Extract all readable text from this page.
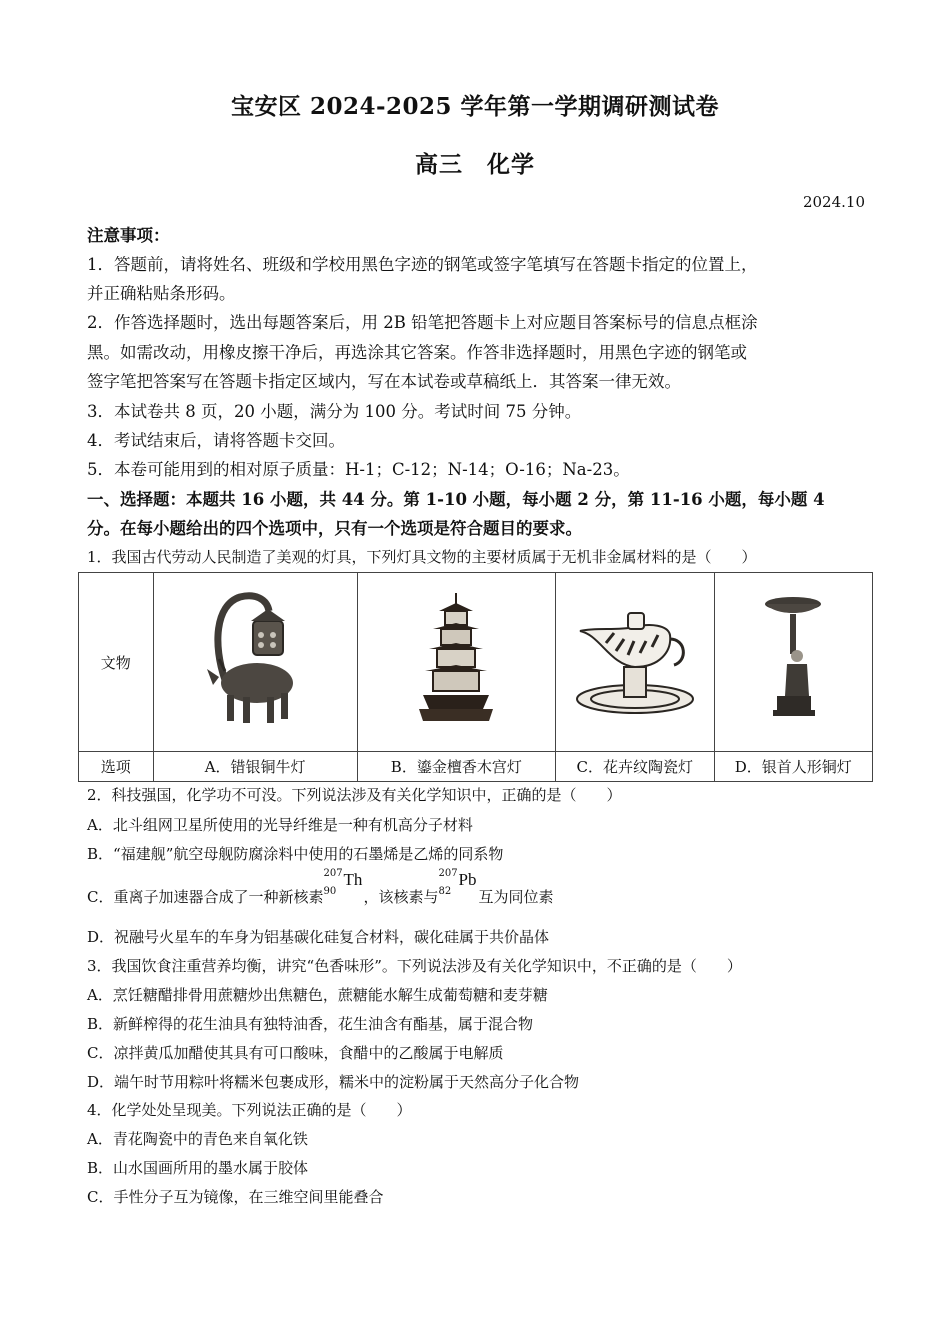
宝安区 2024-2025 学年第一学期调研测试卷
高三　化学
2024.10
注意事项：
1．答题前，请将姓名、班级和学校用黑色字迹的钢笔或签字笔填写在答题卡指定的位置上，
并正确粘贴条形码。
2．作答选择题时，选出每题答案后，用 2B 铅笔把答题卡上对应题目答案标号的信息点框涂
黑。如需改动，用橡皮擦干净后，再选涂其它答案。作答非选择题时，用黑色字迹的钢笔或
签字笔把答案写在答题卡指定区域内，写在本试卷或草稿纸上．其答案一律无效。
3．本试卷共 8 页，20 小题，满分为 100 分。考试时间 75 分钟。
4．考试结束后，请将答题卡交回。
5．本卷可能用到的相对原子质量：H-1；C-12；N-14；O-16；Na-23。
一、选择题：本题共 16 小题，共 44 分。第 1-10 小题，每小题 2 分，第 11-16 小题，每小题 4
分。在每小题给出的四个选项中，只有一个选项是符合题目的要求。
1．我国古代劳动人民制造了美观的灯具，下列灯具文物的主要材质属于无机非金属材料的是（　　）
文物				
选项	A．错银铜牛灯	B．鎏金檀香木宫灯	C．花卉纹陶瓷灯	D．银首人形铜灯
2．科技强国，化学功不可没。下列说法涉及有关化学知识中，正确的是（　　）
A．北斗组网卫星所使用的光导纤维是一种有机高分子材料
B．“福建舰”航空母舰防腐涂料中使用的石墨烯是乙烯的同系物
C．重离子加速器合成了一种新核素
207
90
Th
，该核素与
207
82
Pb
互为同位素
D．祝融号火星车的车身为铝基碳化硅复合材料，碳化硅属于共价晶体
3．我国饮食注重营养均衡，讲究“色香味形”。下列说法涉及有关化学知识中，不正确的是（　　）
A．烹饪糖醋排骨用蔗糖炒出焦糖色，蔗糖能水解生成葡萄糖和麦芽糖
B．新鲜榨得的花生油具有独特油香，花生油含有酯基，属于混合物
C．凉拌黄瓜加醋使其具有可口酸味，食醋中的乙酸属于电解质
D．端午时节用粽叶将糯米包裹成形，糯米中的淀粉属于天然高分子化合物
4．化学处处呈现美。下列说法正确的是（　　）
A．青花陶瓷中的青色来自氧化铁
B．山水国画所用的墨水属于胶体
C．手性分子互为镜像，在三维空间里能叠合
